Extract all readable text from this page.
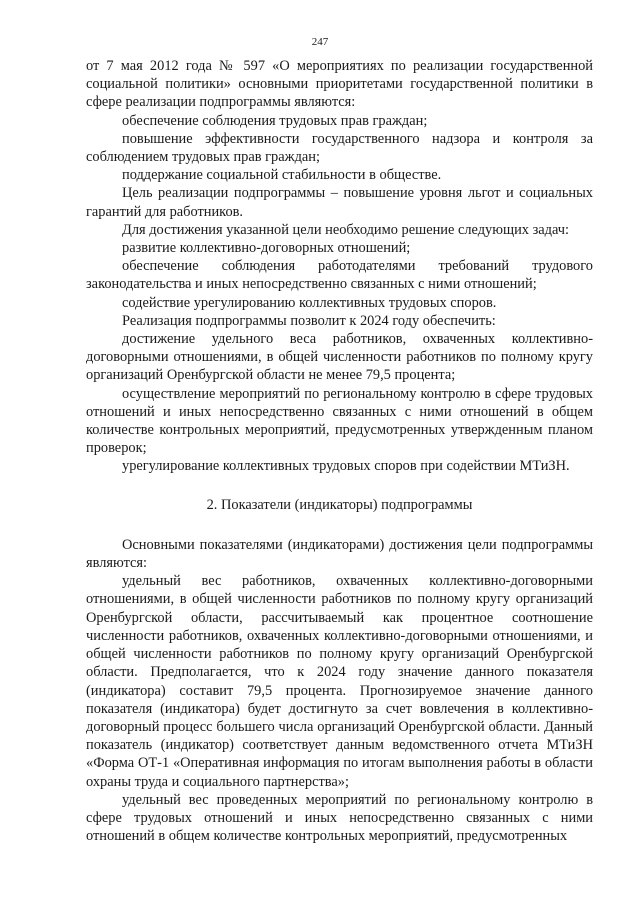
247

от 7 мая 2012 года № 597 «О мероприятиях по реализации государственной социальной политики» основными приоритетами государственной политики в сфере реализации подпрограммы являются:

обеспечение соблюдения трудовых прав граждан;

повышение эффективности государственного надзора и контроля за соблюдением трудовых прав граждан;

поддержание социальной стабильности в обществе.

Цель реализации подпрограммы – повышение уровня льгот и социальных гарантий для работников.

Для достижения указанной цели необходимо решение следующих задач:

развитие коллективно-договорных отношений;

обеспечение соблюдения работодателями требований трудового законодательства и иных непосредственно связанных с ними отношений;

содействие урегулированию коллективных трудовых споров.

Реализация подпрограммы позволит к 2024 году обеспечить:

достижение удельного веса работников, охваченных коллективно-договорными отношениями, в общей численности работников по полному кругу организаций Оренбургской области не менее 79,5 процента;

осуществление мероприятий по региональному контролю в сфере трудовых отношений и иных непосредственно связанных с ними отношений в общем количестве контрольных мероприятий, предусмотренных утвержденным планом проверок;

урегулирование коллективных трудовых споров при содействии МТиЗН.

2. Показатели (индикаторы) подпрограммы

Основными показателями (индикаторами) достижения цели подпрограммы являются:

удельный вес работников, охваченных коллективно-договорными отношениями, в общей численности работников по полному кругу организаций Оренбургской области, рассчитываемый как процентное соотношение численности работников, охваченных коллективно-договорными отношениями, и общей численности работников по полному кругу организаций Оренбургской области. Предполагается, что к 2024 году значение данного показателя (индикатора) составит 79,5 процента. Прогнозируемое значение данного показателя (индикатора) будет достигнуто за счет вовлечения в коллективно-договорный процесс большего числа организаций Оренбургской области. Данный показатель (индикатор) соответствует данным ведомственного отчета МТиЗН «Форма ОТ-1 «Оперативная информация по итогам выполнения работы в области охраны труда и социального партнерства»;

удельный вес проведенных мероприятий по региональному контролю в сфере трудовых отношений и иных непосредственно связанных с ними отношений в общем количестве контрольных мероприятий, предусмотренных
